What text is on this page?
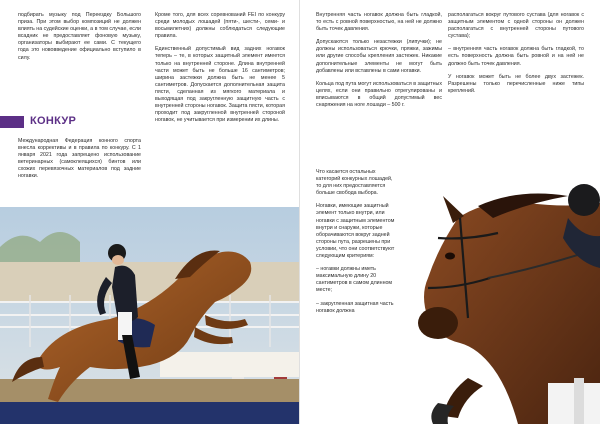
подбирать музыку под Переездку Большого приза. При этом выбор композиций не должен влиять на судейские оценки, а в том случае, если всадник не предоставляет фоновую музыку, организаторы выбирают ее сами. С текущего года это нововведение официально вступило в силу.

КОНКУР

Международная Федерация конного спорта внесла коррективы и в правила по конкуру. С 1 января 2021 года запрещено использование ветеринарных (самоклеящихся) бинтов или схожих перевязочных материалов под задние ногавки.

Кроме того, для всех соревнований FEI по конкуру среди молодых лошадей (пяти-, шести-, семи- и восьмилетних) должны соблюдаться следующие правила.

Единственный допустимый вид задних ногавок теперь – те, в которых защитный элемент имеется только на внутренней стороне. Длина внутренней части может быть не больше 16 сантиметров; ширина застежки должна быть не менее 5 сантиметров. Допускается дополнительная защита пясти, сделанная из мягкого материала и выходящая под закругленную защитную часть с внутренней стороны ногавок. Защита пясти, которая проходит под закругленной внутренней стороной ногавок, не учитывается при измерении их длины.

Внутренняя часть ногавок должна быть гладкой, то есть с ровной поверхностью, на ней не должно быть точек давления.

Допускаются только незастежки (липучки); не должны использоваться крючки, пряжки, зажимы или другие способы крепления застежек. Никакие дополнительные элементы не могут быть добавлены или вставлены в сами ногавки.

Кольца под пута могут использоваться в защитных целях, если они правильно отрегулированы и вписываются в общий допустимый вес снаряжения на ноге лошади – 500 г.

Что касается остальных категорий конкурных лошадей, то для них предоставляется больше свобода выбора.

Ногавки, имеющие защитный элемент только внутри, или ногавки с защитным элементом внутри и снаружи, которые оборачиваются вокруг задней стороны пута, разрешены при условии, что они соответствуют следующим критериям:

– ногавки должны иметь максимальную длину 20 сантиметров в самом длинном месте;

– закругленная защитная часть ногавок должна

располагаться вокруг путового сустава (для ногавок с защитным элементом с одной стороны он должен располагаться с внутренней стороны путового сустава);

– внутренняя часть ногавок должна быть гладкой, то есть поверхность должна быть ровной и на ней не должно быть точек давления.

У ногавок может быть не более двух застежек. Разрешены только перечисленные ниже типы креплений.
